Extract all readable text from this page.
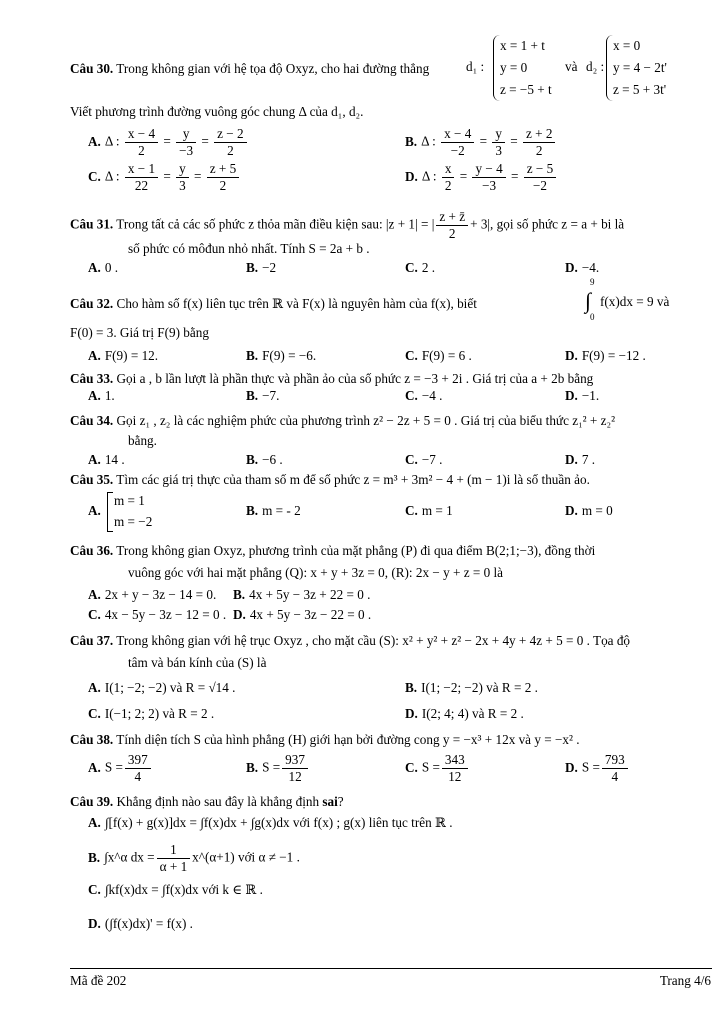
Câu 30. Trong không gian với hệ tọa độ Oxyz, cho hai đường thẳng	d₁ :
x = 1 + t
y = 0
z = −5 + t
và d₂ :
x = 0
y = 4 − 2t'
z = 5 + 3t'
Viết phương trình đường vuông góc chung Δ của d₁, d₂.
A. Δ : $\frac{x - 4}{2} = \frac{y}{-3} = \frac{z - 2}{2}$	B. Δ : $\frac{x - 4}{-2} = \frac{y}{3} = \frac{z + 2}{2}$
C. Δ : $\frac{x - 1}{22} = \frac{y}{3} = \frac{z + 5}{2}$	D. Δ : $\frac{x}{2} = \frac{y - 4}{-3} = \frac{z - 5}{-2}$
Câu 31. Trong tất cả các số phức z thỏa mãn điều kiện sau: |z + 1| = | $\frac{z + z̄}{2} + 3|$, gọi số phức z = a + bi là
số phức có môđun nhỏ nhất. Tính S = 2a + b .
A. 0 .	B. −2	C. 2 .	D. −4.
Câu 32. Cho hàm số f(x) liên tục trên ℝ và F(x) là nguyên hàm của f(x), biết
9
0
∫ f(x)dx = 9 và
F(0) = 3. Giá trị F(9) bằng
A. F(9) = 12.	B. F(9) = −6.	C. F(9) = 6 .	D. F(9) = −12 .
Câu 33. Gọi a , b lần lượt là phần thực và phần ảo của số phức z = −3 + 2i . Giá trị của a + 2b bằng
A. 1.	B. −7.	C. −4 .	D. −1.
Câu 34. Gọi z₁ , z₂ là các nghiệm phức của phương trình z² − 2z + 5 = 0 . Giá trị của biểu thức z₁² + z₂²
bằng.
A. 14 .	B. −6 .	C. −7 .	D. 7 .
Câu 35. Tìm các giá trị thực của tham số m để số phức z = m³ + 3m² − 4 + (m − 1)i là số thuần ảo.
A.
m = 1
m = −2
B. m = - 2	C. m = 1	D. m = 0
Câu 36. Trong không gian Oxyz, phương trình của mặt phẳng (P) đi qua điểm B(2;1;−3), đồng thời
vuông góc với hai mặt phẳng (Q): x + y + 3z = 0, (R): 2x − y + z = 0 là
A. 2x + y − 3z − 14 = 0. B. 4x + 5y − 3z + 22 = 0 .
C. 4x − 5y − 3z − 12 = 0 . D. 4x + 5y − 3z − 22 = 0 .
Câu 37. Trong không gian với hệ trục Oxyz , cho mặt cầu (S): x² + y² + z² − 2x + 4y + 4z + 5 = 0 . Tọa độ
tâm và bán kính của (S) là
A. I(1; −2; −2) và R = √14 .	B. I(1; −2; −2) và R = 2 .
C. I(−1; 2; 2) và R = 2 .	D. I(2; 4; 4) và R = 2 .
Câu 38. Tính diện tích S của hình phẳng (H) giới hạn bởi đường cong y = −x³ + 12x và y = −x² .
A. $S = \frac{397}{4}$	B. $S = \frac{937}{12}$	C. $S = \frac{343}{12}$	D. $S = \frac{793}{4}$
Câu 39. Khẳng định nào sau đây là khẳng định sai?
A. ∫[f(x) + g(x)]dx = ∫f(x)dx + ∫g(x)dx với f(x) ; g(x) liên tục trên ℝ .
B. ∫x^α dx = $\frac{1}{\alpha + 1}$ x^(α+1) với α ≠ −1 .
C. ∫kf(x)dx = ∫f(x)dx với k ∈ ℝ .
D. (∫f(x)dx)' = f(x) .
Mã đề 202	Trang 4/6
